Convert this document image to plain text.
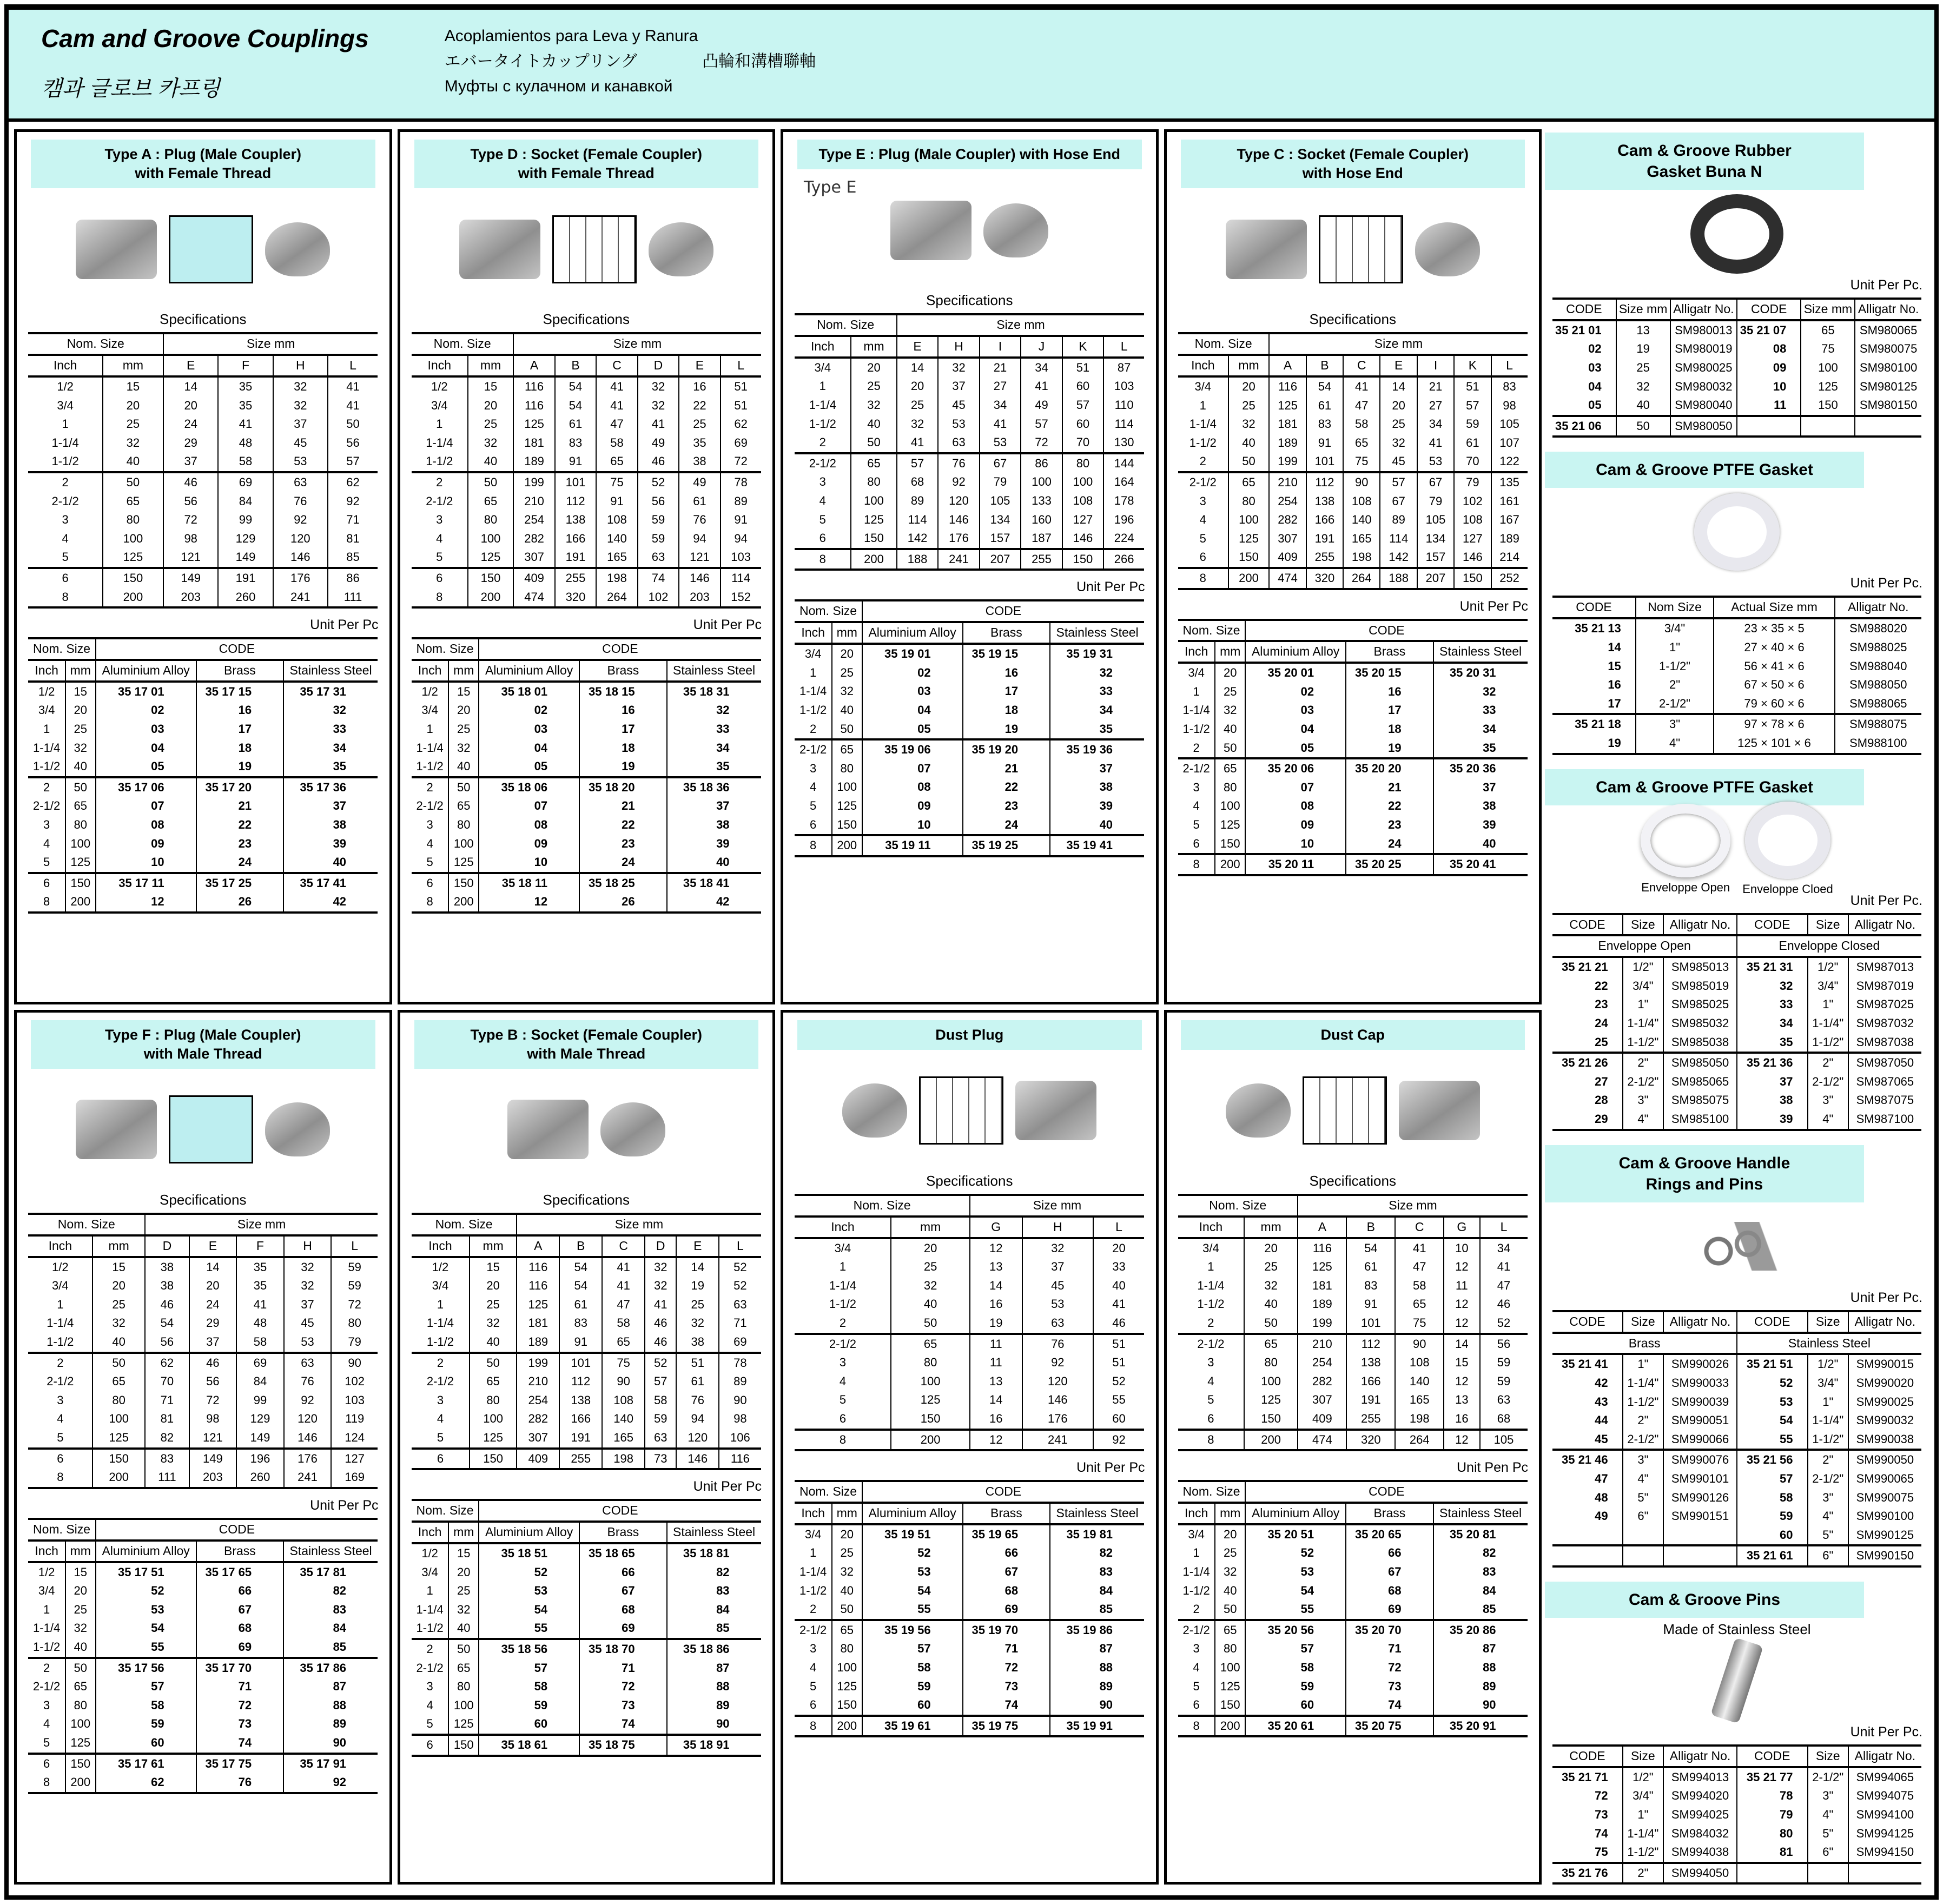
Cam and Groove Couplings
캠과 글로브 카프링
Acoplamientos para Leva y Ranura
エバータイトカップリング	凸輪和溝槽聯軸
Муфты с кулачном и канавкой
Type A : Plug (Male Coupler)
with Female Thread
Specifications
Nom. Size		Size mm			
Inch	mm	E	F	H	L
1/2	15	14	35	32	41
3/4	20	20	35	32	41
1	25	24	41	37	50
1-1/4	32	29	48	45	56
1-1/2	40	37	58	53	57
2	50	46	69	63	62
2-1/2	65	56	84	76	92
3	80	72	99	92	71
4	100	98	129	120	81
5	125	121	149	146	85
6	150	149	191	176	86
8	200	203	260	241	111
Unit Per Pc
Nom. Size		CODE		
Inch	mm	Aluminium Alloy	Brass	Stainless Steel
1/2	15	35 17 01	35 17 15	35 17 31
3/4	20	02	16	32
1	25	03	17	33
1-1/4	32	04	18	34
1-1/2	40	05	19	35
2	50	35 17 06	35 17 20	35 17 36
2-1/2	65	07	21	37
3	80	08	22	38
4	100	09	23	39
5	125	10	24	40
6	150	35 17 11	35 17 25	35 17 41
8	200	12	26	42
Type D : Socket (Female Coupler)
with Female Thread
Specifications
Nom. Size		Size mm					
Inch	mm	A	B	C	D	E	L
1/2	15	116	54	41	32	16	51
3/4	20	116	54	41	32	22	51
1	25	125	61	47	41	25	62
1-1/4	32	181	83	58	49	35	69
1-1/2	40	189	91	65	46	38	72
2	50	199	101	75	52	49	78
2-1/2	65	210	112	91	56	61	89
3	80	254	138	108	59	76	91
4	100	282	166	140	59	94	94
5	125	307	191	165	63	121	103
6	150	409	255	198	74	146	114
8	200	474	320	264	102	203	152
Unit Per Pc
Nom. Size		CODE		
Inch	mm	Aluminium Alloy	Brass	Stainless Steel
1/2	15	35 18 01	35 18 15	35 18 31
3/4	20	02	16	32
1	25	03	17	33
1-1/4	32	04	18	34
1-1/2	40	05	19	35
2	50	35 18 06	35 18 20	35 18 36
2-1/2	65	07	21	37
3	80	08	22	38
4	100	09	23	39
5	125	10	24	40
6	150	35 18 11	35 18 25	35 18 41
8	200	12	26	42
Type E : Plug (Male Coupler) with Hose End
Type E
Specifications
Nom. Size		Size mm					
Inch	mm	E	H	I	J	K	L
3/4	20	14	32	21	34	51	87
1	25	20	37	27	41	60	103
1-1/4	32	25	45	34	49	57	110
1-1/2	40	32	53	41	57	60	114
2	50	41	63	53	72	70	130
2-1/2	65	57	76	67	86	80	144
3	80	68	92	79	100	100	164
4	100	89	120	105	133	108	178
5	125	114	146	134	160	127	196
6	150	142	176	157	187	146	224
8	200	188	241	207	255	150	266
Unit Per Pc
Nom. Size		CODE		
Inch	mm	Aluminium Alloy	Brass	Stainless Steel
3/4	20	35 19 01	35 19 15	35 19 31
1	25	02	16	32
1-1/4	32	03	17	33
1-1/2	40	04	18	34
2	50	05	19	35
2-1/2	65	35 19 06	35 19 20	35 19 36
3	80	07	21	37
4	100	08	22	38
5	125	09	23	39
6	150	10	24	40
8	200	35 19 11	35 19 25	35 19 41
Type C : Socket (Female Coupler)
with Hose End
Specifications
Nom. Size		Size mm						
Inch	mm	A	B	C	E	I	K	L
3/4	20	116	54	41	14	21	51	83
1	25	125	61	47	20	27	57	98
1-1/4	32	181	83	58	25	34	59	105
1-1/2	40	189	91	65	32	41	61	107
2	50	199	101	75	45	53	70	122
2-1/2	65	210	112	90	57	67	79	135
3	80	254	138	108	67	79	102	161
4	100	282	166	140	89	105	108	167
5	125	307	191	165	114	134	127	189
6	150	409	255	198	142	157	146	214
8	200	474	320	264	188	207	150	252
Unit Per Pc
Nom. Size		CODE		
Inch	mm	Aluminium Alloy	Brass	Stainless Steel
3/4	20	35 20 01	35 20 15	35 20 31
1	25	02	16	32
1-1/4	32	03	17	33
1-1/2	40	04	18	34
2	50	05	19	35
2-1/2	65	35 20 06	35 20 20	35 20 36
3	80	07	21	37
4	100	08	22	38
5	125	09	23	39
6	150	10	24	40
8	200	35 20 11	35 20 25	35 20 41
Type F : Plug (Male Coupler)
with Male Thread
Specifications
Nom. Size		Size mm				
Inch	mm	D	E	F	H	L
1/2	15	38	14	35	32	59
3/4	20	38	20	35	32	59
1	25	46	24	41	37	72
1-1/4	32	54	29	48	45	80
1-1/2	40	56	37	58	53	79
2	50	62	46	69	63	90
2-1/2	65	70	56	84	76	102
3	80	71	72	99	92	103
4	100	81	98	129	120	119
5	125	82	121	149	146	124
6	150	83	149	196	176	127
8	200	111	203	260	241	169
Unit Per Pc
Nom. Size		CODE		
Inch	mm	Aluminium Alloy	Brass	Stainless Steel
1/2	15	35 17 51	35 17 65	35 17 81
3/4	20	52	66	82
1	25	53	67	83
1-1/4	32	54	68	84
1-1/2	40	55	69	85
2	50	35 17 56	35 17 70	35 17 86
2-1/2	65	57	71	87
3	80	58	72	88
4	100	59	73	89
5	125	60	74	90
6	150	35 17 61	35 17 75	35 17 91
8	200	62	76	92
Type B : Socket (Female Coupler)
with Male Thread
Specifications
Nom. Size		Size mm					
Inch	mm	A	B	C	D	E	L
1/2	15	116	54	41	32	14	52
3/4	20	116	54	41	32	19	52
1	25	125	61	47	41	25	63
1-1/4	32	181	83	58	46	32	71
1-1/2	40	189	91	65	46	38	69
2	50	199	101	75	52	51	78
2-1/2	65	210	112	90	57	61	89
3	80	254	138	108	58	76	90
4	100	282	166	140	59	94	98
5	125	307	191	165	63	120	106
6	150	409	255	198	73	146	116
Unit Per Pc
Nom. Size		CODE		
Inch	mm	Aluminium Alloy	Brass	Stainless Steel
1/2	15	35 18 51	35 18 65	35 18 81
3/4	20	52	66	82
1	25	53	67	83
1-1/4	32	54	68	84
1-1/2	40	55	69	85
2	50	35 18 56	35 18 70	35 18 86
2-1/2	65	57	71	87
3	80	58	72	88
4	100	59	73	89
5	125	60	74	90
6	150	35 18 61	35 18 75	35 18 91
Dust Plug
Specifications
Nom. Size		Size mm		
Inch	mm	G	H	L
3/4	20	12	32	20
1	25	13	37	33
1-1/4	32	14	45	40
1-1/2	40	16	53	41
2	50	19	63	46
2-1/2	65	11	76	51
3	80	11	92	51
4	100	13	120	52
5	125	14	146	55
6	150	16	176	60
8	200	12	241	92
Unit Per Pc
Nom. Size		CODE		
Inch	mm	Aluminium Alloy	Brass	Stainless Steel
3/4	20	35 19 51	35 19 65	35 19 81
1	25	52	66	82
1-1/4	32	53	67	83
1-1/2	40	54	68	84
2	50	55	69	85
2-1/2	65	35 19 56	35 19 70	35 19 86
3	80	57	71	87
4	100	58	72	88
5	125	59	73	89
6	150	60	74	90
8	200	35 19 61	35 19 75	35 19 91
Dust Cap
Specifications
Nom. Size		Size mm				
Inch	mm	A	B	C	G	L
3/4	20	116	54	41	10	34
1	25	125	61	47	12	41
1-1/4	32	181	83	58	11	47
1-1/2	40	189	91	65	12	46
2	50	199	101	75	12	52
2-1/2	65	210	112	90	14	56
3	80	254	138	108	15	59
4	100	282	166	140	12	59
5	125	307	191	165	13	63
6	150	409	255	198	16	68
8	200	474	320	264	12	105
Unit Pen Pc
Nom. Size		CODE		
Inch	mm	Aluminium Alloy	Brass	Stainless Steel
3/4	20	35 20 51	35 20 65	35 20 81
1	25	52	66	82
1-1/4	32	53	67	83
1-1/2	40	54	68	84
2	50	55	69	85
2-1/2	65	35 20 56	35 20 70	35 20 86
3	80	57	71	87
4	100	58	72	88
5	125	59	73	89
6	150	60	74	90
8	200	35 20 61	35 20 75	35 20 91
Cam & Groove Rubber
Gasket Buna N
Unit Per Pc.
CODE	Size mm	Alligatr No.	CODE	Size mm	Alligatr No.
35 21 01	13	SM980013	35 21 07	65	SM980065
02	19	SM980019	08	75	SM980075
03	25	SM980025	09	100	SM980100
04	32	SM980032	10	125	SM980125
05	40	SM980040	11	150	SM980150
35 21 06	50	SM980050			
Cam & Groove PTFE Gasket
Unit Per Pc.
CODE	Nom Size	Actual Size mm	Alligatr No.
35 21 13	3/4"	23 × 35 × 5	SM988020
14	1"	27 × 40 × 6	SM988025
15	1-1/2"	56 × 41 × 6	SM988040
16	2"	67 × 50 × 6	SM988050
17	2-1/2"	79 × 60 × 6	SM988065
35 21 18	3"	97 × 78 × 6	SM988075
19	4"	125 × 101 × 6	SM988100
Cam & Groove PTFE Gasket
Enveloppe Open Enveloppe Cloed
Unit Per Pc.
CODE	Size	Alligatr No.	CODE	Size	Alligatr No.
Enveloppe Open			Enveloppe Closed		
35 21 21	1/2"	SM985013	35 21 31	1/2"	SM987013
22	3/4"	SM985019	32	3/4"	SM987019
23	1"	SM985025	33	1"	SM987025
24	1-1/4"	SM985032	34	1-1/4"	SM987032
25	1-1/2"	SM985038	35	1-1/2"	SM987038
35 21 26	2"	SM985050	35 21 36	2"	SM987050
27	2-1/2"	SM985065	37	2-1/2"	SM987065
28	3"	SM985075	38	3"	SM987075
29	4"	SM985100	39	4"	SM987100
Cam & Groove Handle
Rings and Pins
Unit Per Pc.
CODE	Size	Alligatr No.	CODE	Size	Alligatr No.
Brass			Stainless Steel		
35 21 41	1"	SM990026	35 21 51	1/2"	SM990015
42	1-1/4"	SM990033	52	3/4"	SM990020
43	1-1/2"	SM990039	53	1"	SM990025
44	2"	SM990051	54	1-1/4"	SM990032
45	2-1/2"	SM990066	55	1-1/2"	SM990038
35 21 46	3"	SM990076	35 21 56	2"	SM990050
47	4"	SM990101	57	2-1/2"	SM990065
48	5"	SM990126	58	3"	SM990075
49	6"	SM990151	59	4"	SM990100
			60	5"	SM990125
			35 21 61	6"	SM990150
Cam & Groove Pins
Made of Stainless Steel
Unit Per Pc.
CODE	Size	Alligatr No.	CODE	Size	Alligatr No.
35 21 71	1/2"	SM994013	35 21 77	2-1/2"	SM994065
72	3/4"	SM994020	78	3"	SM994075
73	1"	SM994025	79	4"	SM994100
74	1-1/4"	SM984032	80	5"	SM994125
75	1-1/2"	SM994038	81	6"	SM994150
35 21 76	2"	SM994050			
